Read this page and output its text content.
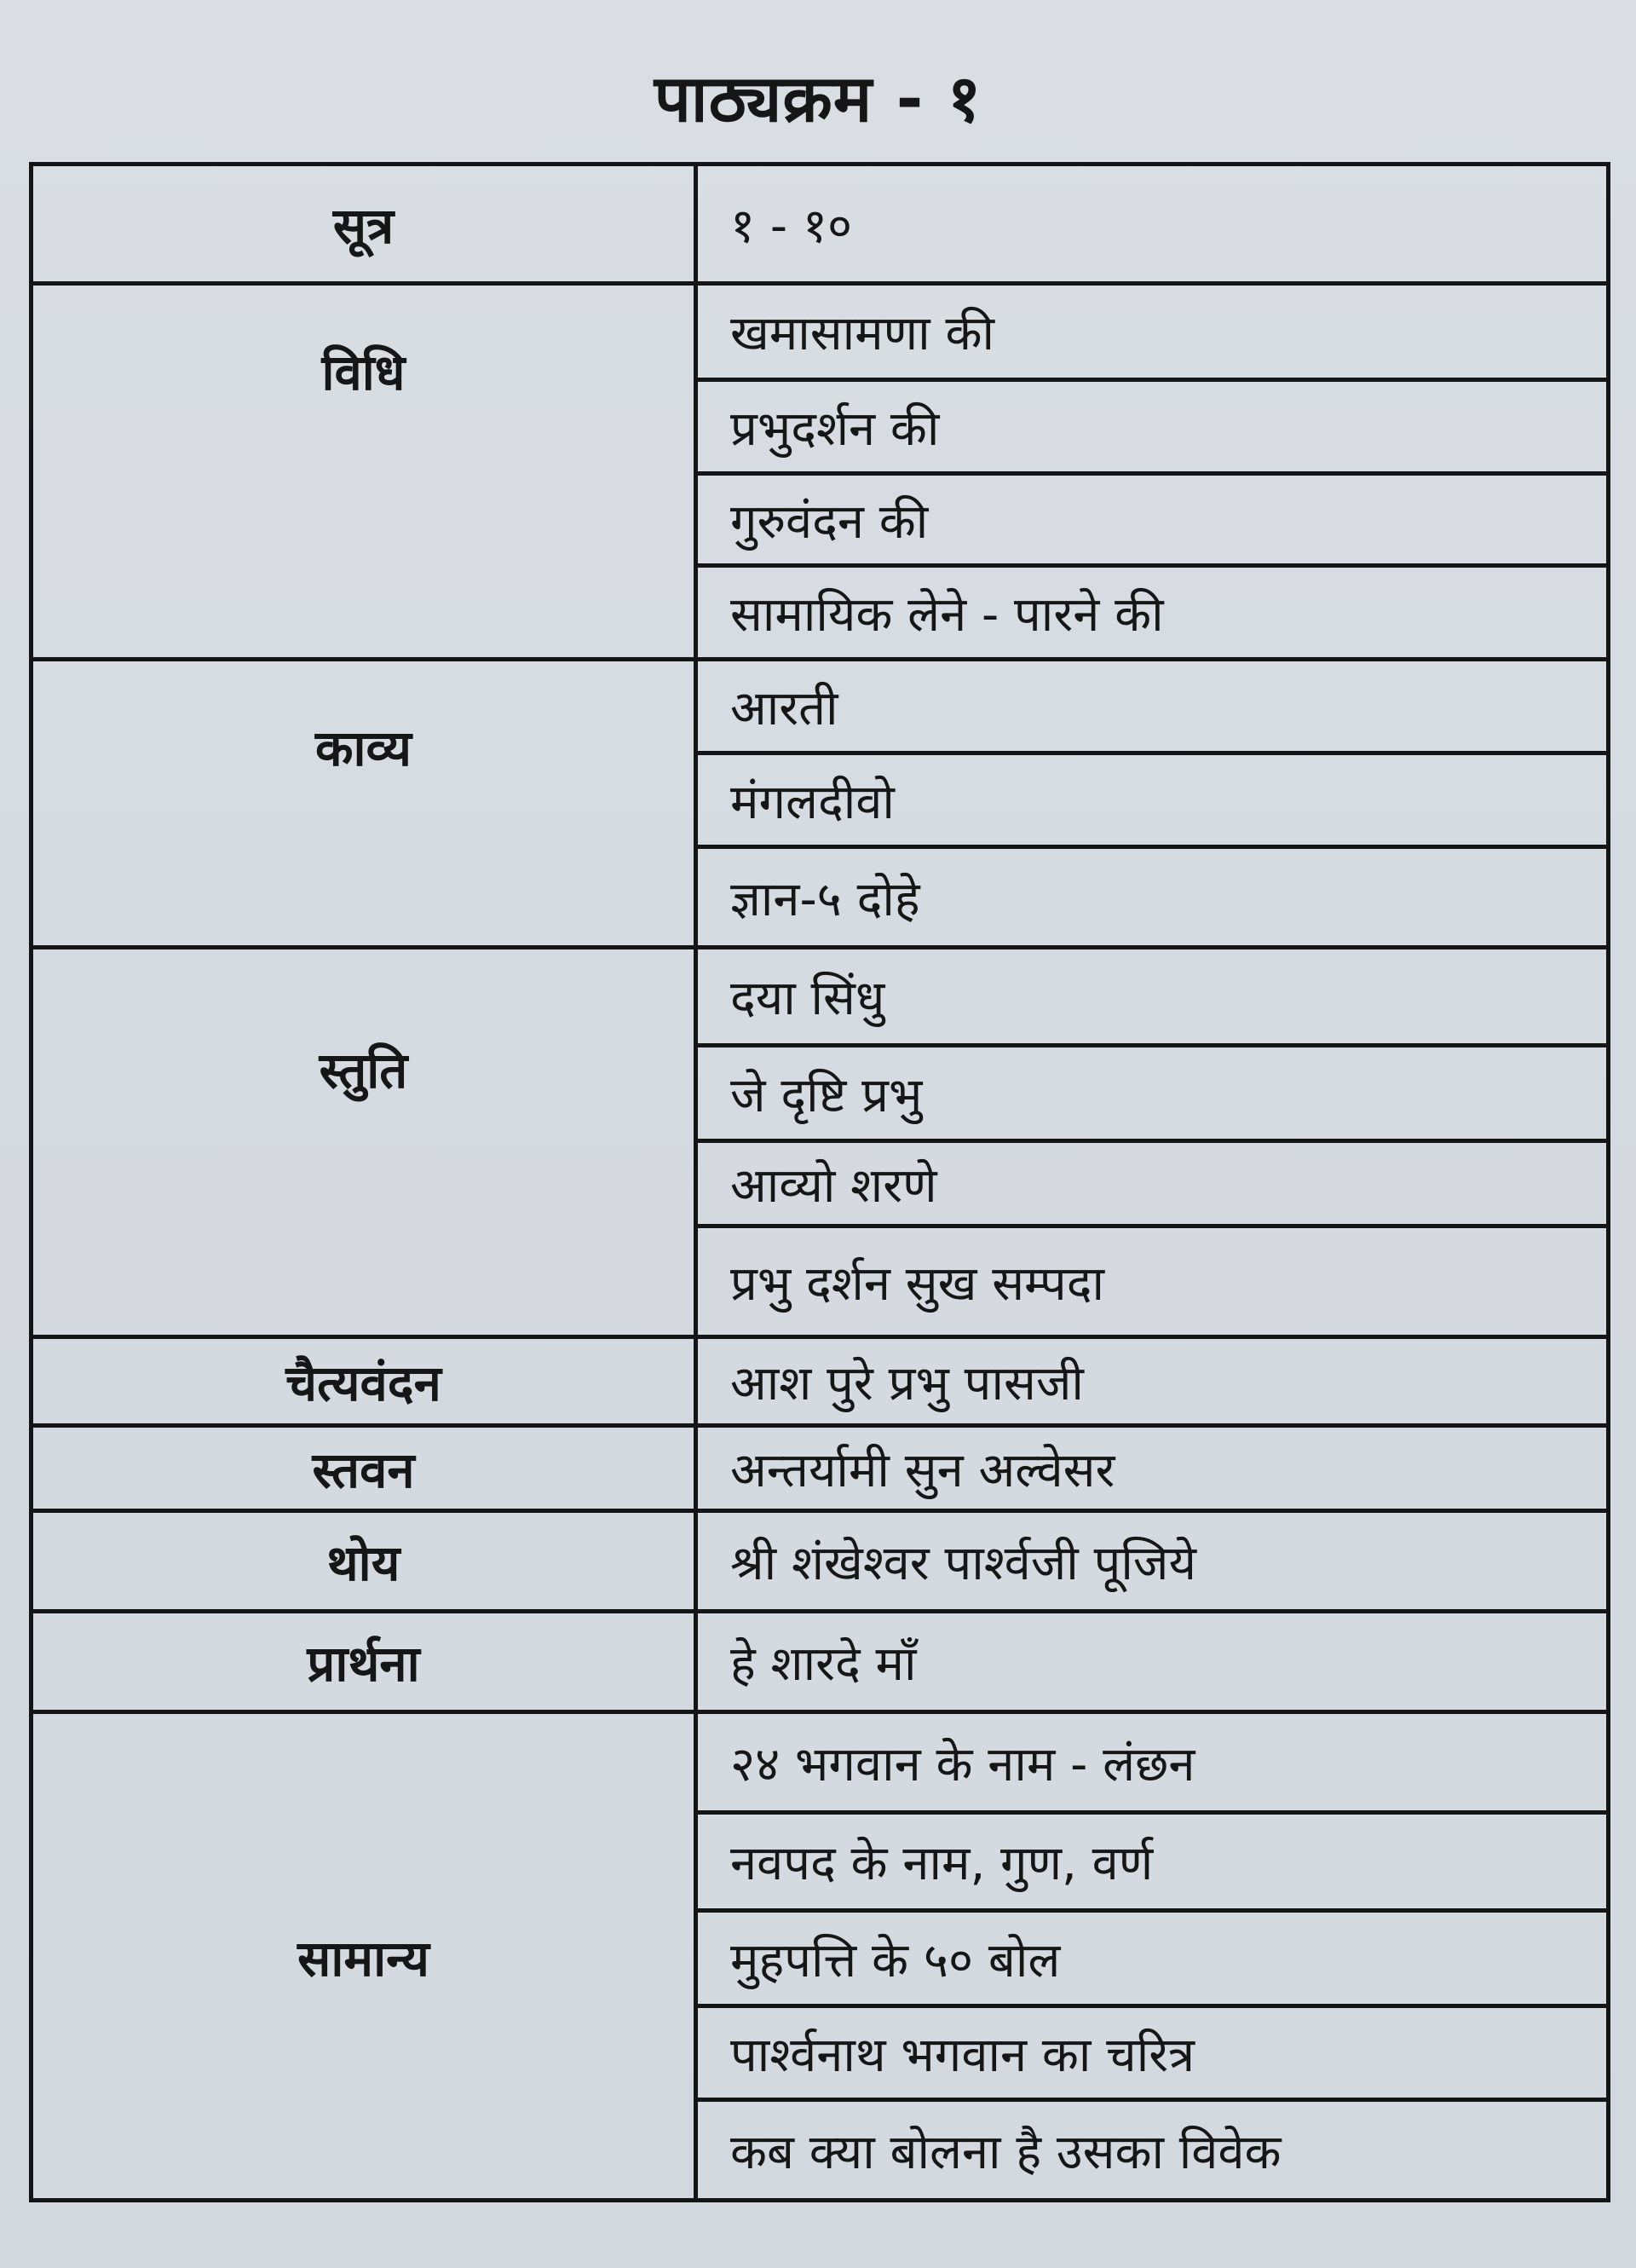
पाठ्यक्रम - १
सूत्र	१ - १०
विधि	खमासामणा की
	प्रभुदर्शन की
	गुरुवंदन की
	सामायिक लेने - पारने की
काव्य	आरती
	मंगलदीवो
	ज्ञान-५ दोहे
स्तुति	दया सिंधु
	जे दृष्टि प्रभु
	आव्यो शरणे
	प्रभु दर्शन सुख सम्पदा
चैत्यवंदन	आश पुरे प्रभु पासजी
स्तवन	अन्तर्यामी सुन अल्वेसर
थोय	श्री शंखेश्वर पार्श्वजी पूजिये
प्रार्थना	हे शारदे माँ
सामान्य	२४ भगवान के नाम - लंछन
	नवपद के नाम, गुण, वर्ण
	मुहपत्ति के ५० बोल
	पार्श्वनाथ भगवान का चरित्र
	कब क्या बोलना है उसका विवेक
